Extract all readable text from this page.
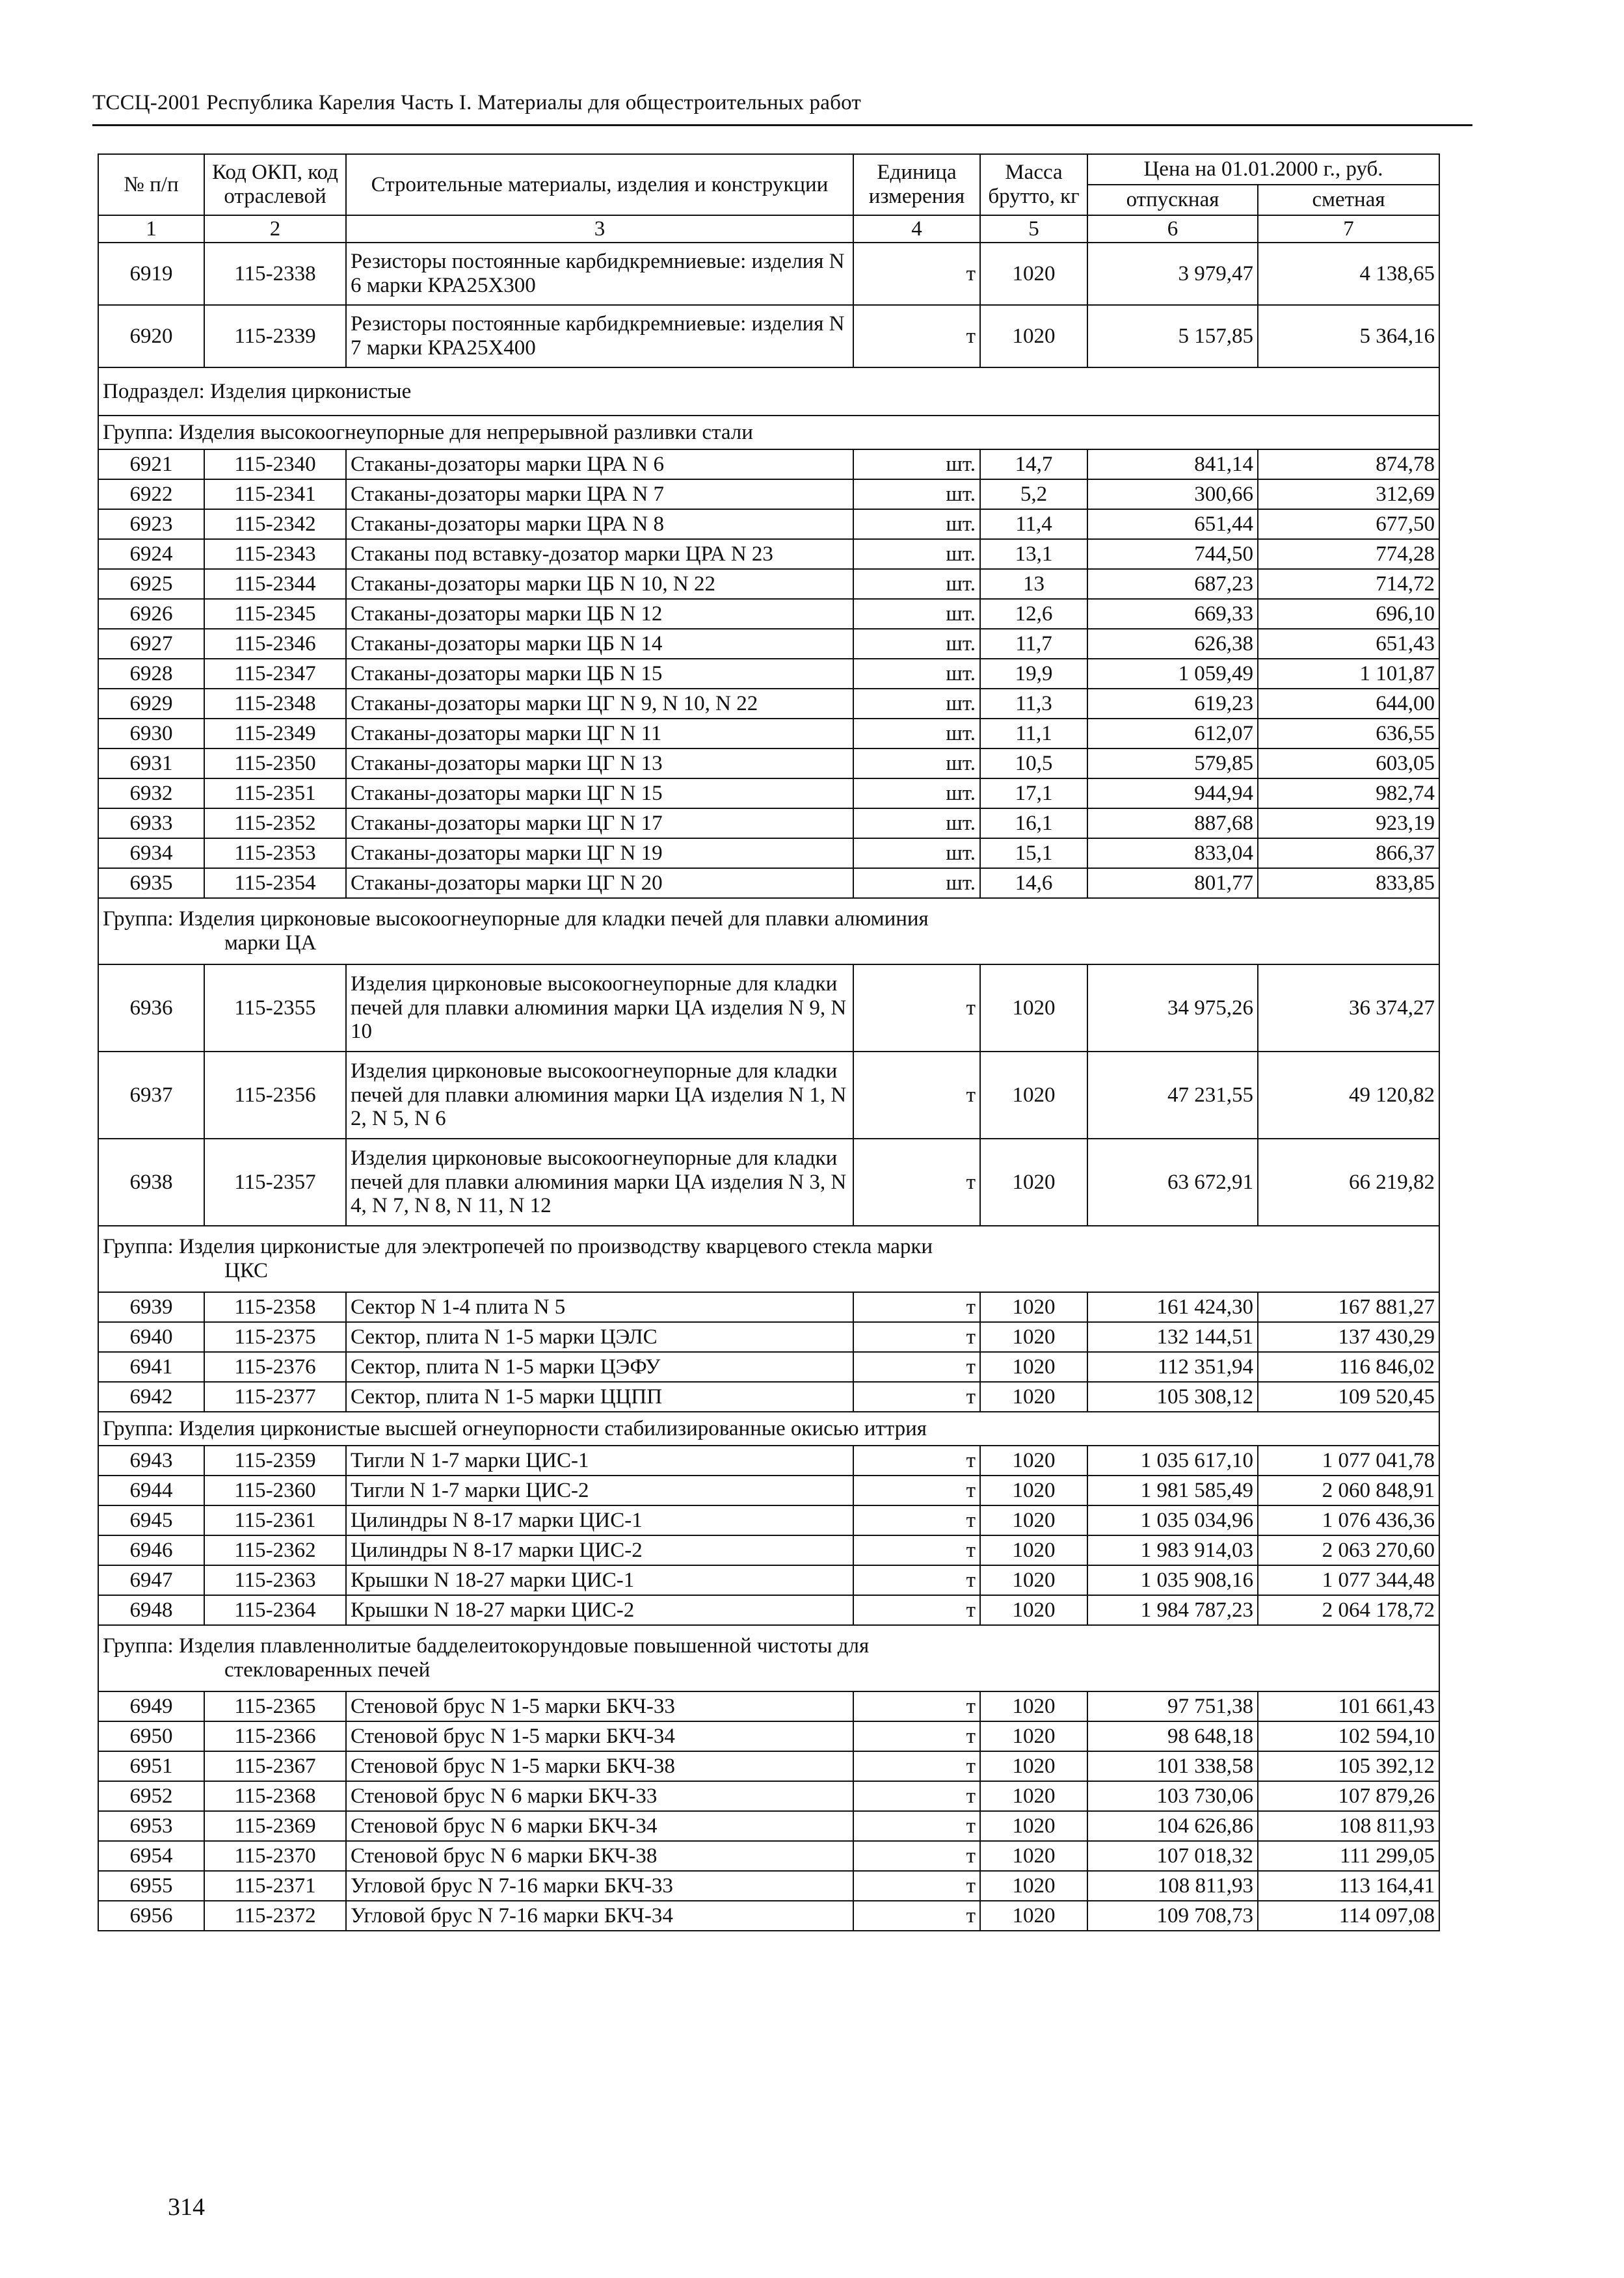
ТССЦ-2001 Республика Карелия Часть I. Материалы для общестроительных работ
№ п/п	Код ОКП, код отраслевой	Строительные материалы, изделия и конструкции	Единица измерения	Масса брутто, кг	Цена на 01.01.2000 г., руб.	
					отпускная	сметная
1	2	3	4	5	6	7
6919	115-2338	Резисторы постоянные карбидкремниевые: изделия N 6 марки КРА25Х300	т	1020	3 979,47	4 138,65
6920	115-2339	Резисторы постоянные карбидкремниевые: изделия N 7 марки КРА25Х400	т	1020	5 157,85	5 364,16
Подраздел: Изделия цирконистые						
Группа: Изделия высокоогнеупорные для непрерывной разливки стали						
6921	115-2340	Стаканы-дозаторы марки ЦРА N 6	шт.	14,7	841,14	874,78
6922	115-2341	Стаканы-дозаторы марки ЦРА N 7	шт.	5,2	300,66	312,69
6923	115-2342	Стаканы-дозаторы марки ЦРА N 8	шт.	11,4	651,44	677,50
6924	115-2343	Стаканы под вставку-дозатор марки ЦРА N 23	шт.	13,1	744,50	774,28
6925	115-2344	Стаканы-дозаторы марки ЦБ N 10, N 22	шт.	13	687,23	714,72
6926	115-2345	Стаканы-дозаторы марки ЦБ N 12	шт.	12,6	669,33	696,10
6927	115-2346	Стаканы-дозаторы марки ЦБ N 14	шт.	11,7	626,38	651,43
6928	115-2347	Стаканы-дозаторы марки ЦБ N 15	шт.	19,9	1 059,49	1 101,87
6929	115-2348	Стаканы-дозаторы марки ЦГ N 9, N 10, N 22	шт.	11,3	619,23	644,00
6930	115-2349	Стаканы-дозаторы марки ЦГ N 11	шт.	11,1	612,07	636,55
6931	115-2350	Стаканы-дозаторы марки ЦГ N 13	шт.	10,5	579,85	603,05
6932	115-2351	Стаканы-дозаторы марки ЦГ N 15	шт.	17,1	944,94	982,74
6933	115-2352	Стаканы-дозаторы марки ЦГ N 17	шт.	16,1	887,68	923,19
6934	115-2353	Стаканы-дозаторы марки ЦГ N 19	шт.	15,1	833,04	866,37
6935	115-2354	Стаканы-дозаторы марки ЦГ N 20	шт.	14,6	801,77	833,85
Группа: Изделия цирконовые высокоогнеупорные для кладки печей для плавки алюминия
марки ЦА						

6936	115-2355	Изделия цирконовые высокоогнеупорные для кладки печей для плавки алюминия марки ЦА изделия N 9, N 10	т	1020	34 975,26	36 374,27
6937	115-2356	Изделия цирконовые высокоогнеупорные для кладки печей для плавки алюминия марки ЦА изделия N 1, N 2, N 5, N 6	т	1020	47 231,55	49 120,82
6938	115-2357	Изделия цирконовые высокоогнеупорные для кладки печей для плавки алюминия марки ЦА изделия N 3, N 4, N 7, N 8, N 11, N 12	т	1020	63 672,91	66 219,82
Группа: Изделия цирконистые для электропечей по производству кварцевого стекла марки
ЦКС						

6939	115-2358	Сектор N 1-4 плита N 5	т	1020	161 424,30	167 881,27
6940	115-2375	Сектор, плита N 1-5 марки ЦЭЛС	т	1020	132 144,51	137 430,29
6941	115-2376	Сектор, плита N 1-5 марки ЦЭФУ	т	1020	112 351,94	116 846,02
6942	115-2377	Сектор, плита N 1-5 марки ЦЦПП	т	1020	105 308,12	109 520,45
Группа: Изделия цирконистые высшей огнеупорности стабилизированные окисью иттрия						
6943	115-2359	Тигли N 1-7 марки ЦИС-1	т	1020	1 035 617,10	1 077 041,78
6944	115-2360	Тигли N 1-7 марки ЦИС-2	т	1020	1 981 585,49	2 060 848,91
6945	115-2361	Цилиндры N 8-17 марки ЦИС-1	т	1020	1 035 034,96	1 076 436,36
6946	115-2362	Цилиндры N 8-17 марки ЦИС-2	т	1020	1 983 914,03	2 063 270,60
6947	115-2363	Крышки N 18-27 марки ЦИС-1	т	1020	1 035 908,16	1 077 344,48
6948	115-2364	Крышки N 18-27 марки ЦИС-2	т	1020	1 984 787,23	2 064 178,72
Группа: Изделия плавленнолитые бадделеитокорундовые повышенной чистоты для
стекловаренных печей						

6949	115-2365	Стеновой брус N 1-5 марки БКЧ-33	т	1020	97 751,38	101 661,43
6950	115-2366	Стеновой брус N 1-5 марки БКЧ-34	т	1020	98 648,18	102 594,10
6951	115-2367	Стеновой брус N 1-5 марки БКЧ-38	т	1020	101 338,58	105 392,12
6952	115-2368	Стеновой брус N 6 марки БКЧ-33	т	1020	103 730,06	107 879,26
6953	115-2369	Стеновой брус N 6 марки БКЧ-34	т	1020	104 626,86	108 811,93
6954	115-2370	Стеновой брус N 6 марки БКЧ-38	т	1020	107 018,32	111 299,05
6955	115-2371	Угловой брус N 7-16 марки БКЧ-33	т	1020	108 811,93	113 164,41
6956	115-2372	Угловой брус N 7-16 марки БКЧ-34	т	1020	109 708,73	114 097,08
314
